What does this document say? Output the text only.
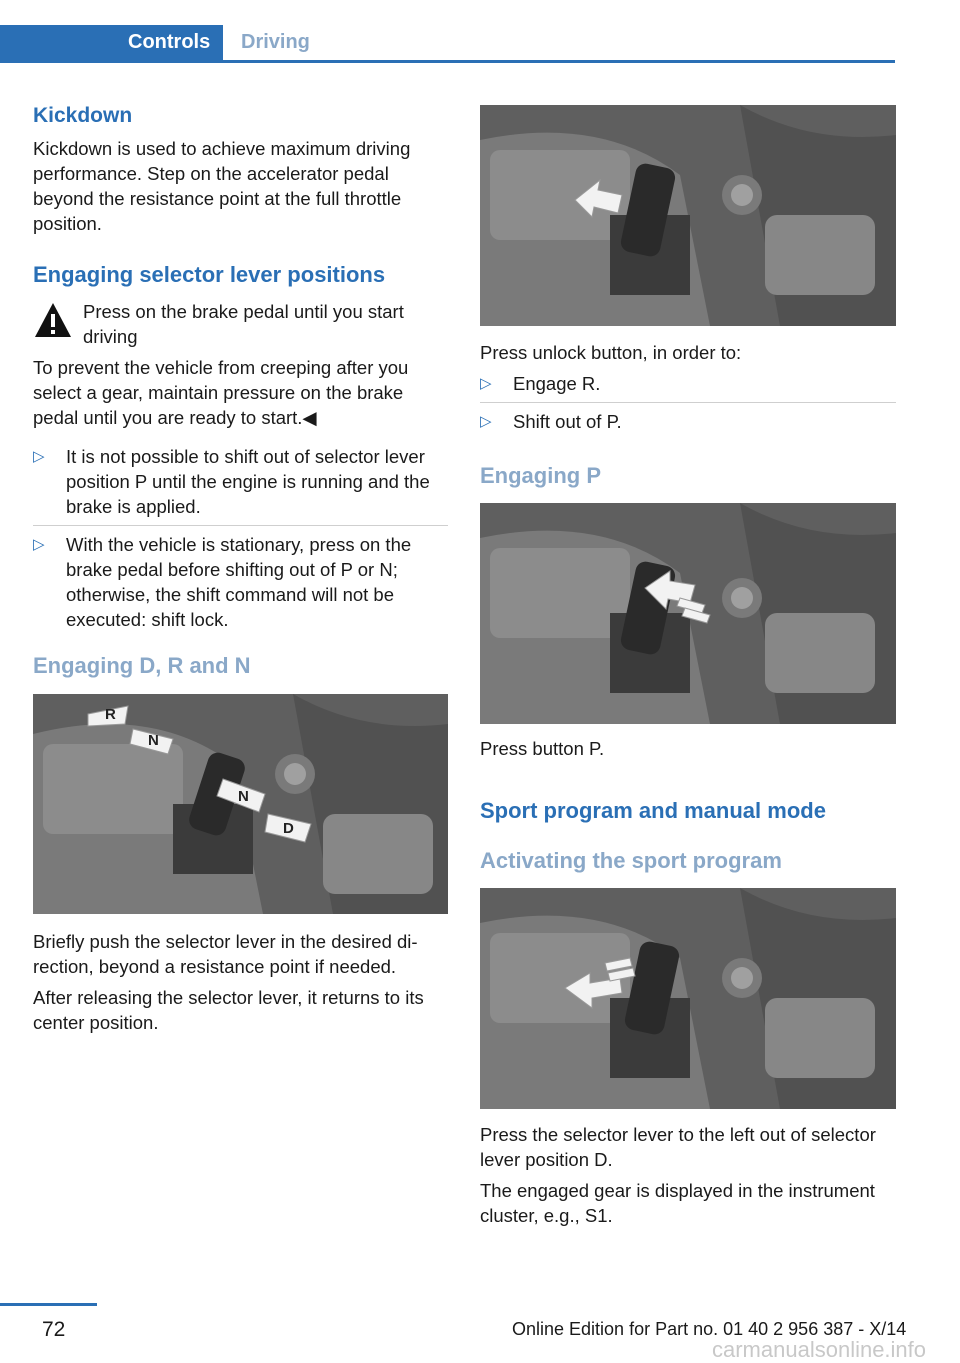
Controls	Driving
Kickdown

Kickdown is used to achieve maximum driving performance. Step on the accelerator pedal beyond the resistance point at the full throttle position.

Engaging selector lever positions

Press on the brake pedal until you start driving

To prevent the vehicle from creeping after you select a gear, maintain pressure on the brake pedal until you are ready to start.◀

▷ It is not possible to shift out of selector lever position P until the engine is running and the brake is applied.
▷ With the vehicle is stationary, press on the brake pedal before shifting out of P or N; otherwise, the shift command will not be executed: shift lock.
Engaging D, R and N
R
N
N
D

Briefly push the selector lever in the desired direction, beyond a resistance point if needed.

After releasing the selector lever, it returns to its center position.

Press unlock button, in order to:

▷ Engage R.
▷ Shift out of P.
Engaging P

Press button P.

Sport program and manual mode
Activating the sport program

Press the selector lever to the left out of selector lever position D.

The engaged gear is displayed in the instrument cluster, e.g., S1.

72	Online Edition for Part no. 01 40 2 956 387 - X/14
carmanualsonline.info
